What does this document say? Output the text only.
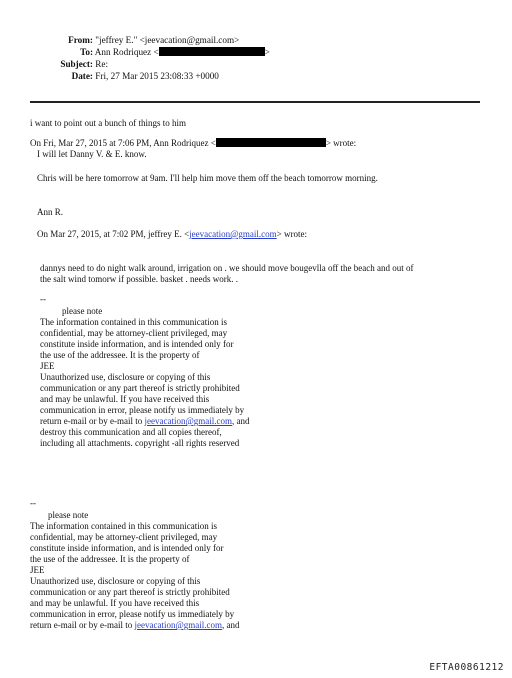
From: "jeffrey E." <jeevacation@gmail.com>
To: Ann Rodriquez <	>
Subject: Re:
Date: Fri, 27 Mar 2015 23:08:33 +0000
i want to point out a bunch of things to him
On Fri, Mar 27, 2015 at 7:06 PM, Ann Rodriquez <	> wrote:
I will let Danny V. & E. know.
Chris will be here tomorrow at 9am. I'll help him move them off the beach tomorrow morning.
Ann R.
On Mar 27, 2015, at 7:02 PM, jeffrey E. <jeevacation@gmail.com> wrote:
dannys need to do night walk around, irrigation on . we should move bougevlla off the beach and out of
the salt wind tomorw if possible. basket . needs work. .
--
please note
The information contained in this communication is
confidential, may be attorney-client privileged, may
constitute inside information, and is intended only for
the use of the addressee. It is the property of
JEE
Unauthorized use, disclosure or copying of this
communication or any part thereof is strictly prohibited
and may be unlawful. If you have received this
communication in error, please notify us immediately by
return e-mail or by e-mail to jeevacation@gmail.com, and
destroy this communication and all copies thereof,
including all attachments. copyright -all rights reserved
--
please note
The information contained in this communication is
confidential, may be attorney-client privileged, may
constitute inside information, and is intended only for
the use of the addressee. It is the property of
JEE
Unauthorized use, disclosure or copying of this
communication or any part thereof is strictly prohibited
and may be unlawful. If you have received this
communication in error, please notify us immediately by
return e-mail or by e-mail to jeevacation@gmail.com, and
EFTA00861212
